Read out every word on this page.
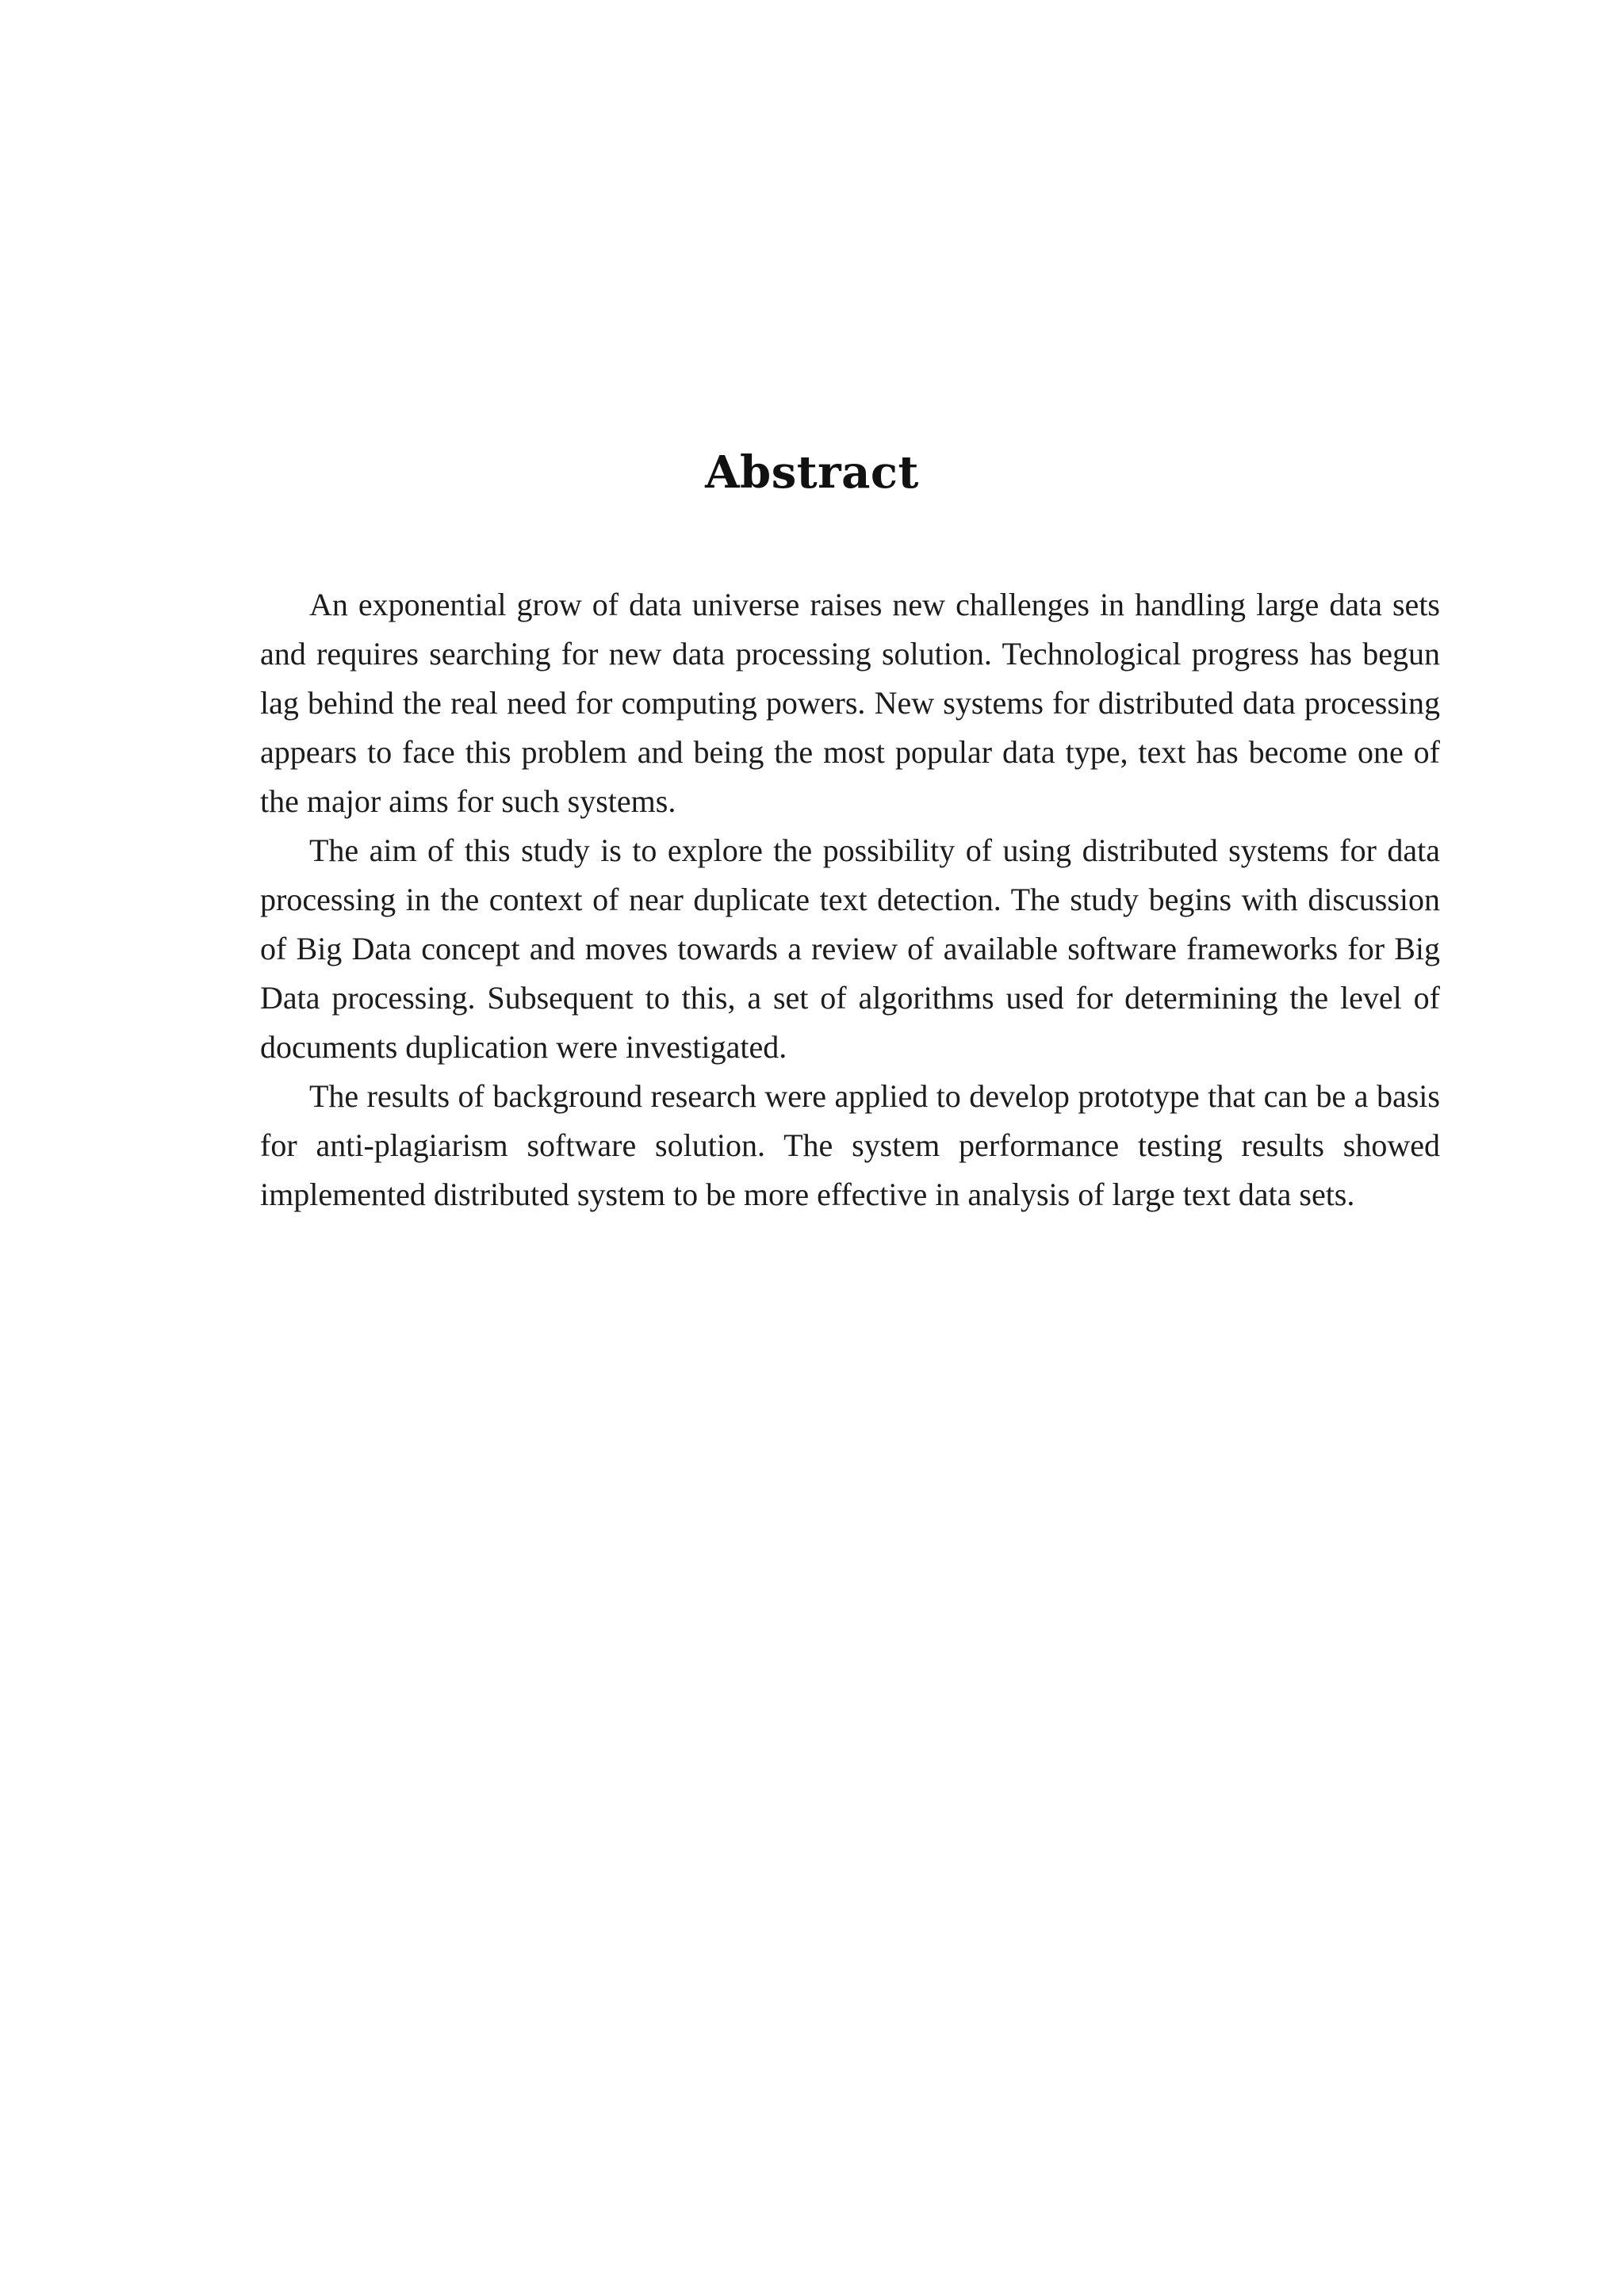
Abstract

An exponential grow of data universe raises new challenges in handling large data sets and requires searching for new data processing solution. Technological progress has begun lag behind the real need for computing powers. New systems for distributed data processing appears to face this problem and being the most popular data type, text has become one of the major aims for such systems.

The aim of this study is to explore the possibility of using distributed systems for data processing in the context of near duplicate text detection. The study begins with discussion of Big Data concept and moves towards a review of available software frameworks for Big Data processing. Subsequent to this, a set of algorithms used for determining the level of documents duplication were investigated.

The results of background research were applied to develop prototype that can be a basis for anti-plagiarism software solution. The system performance testing results showed implemented distributed system to be more effective in analysis of large text data sets.
